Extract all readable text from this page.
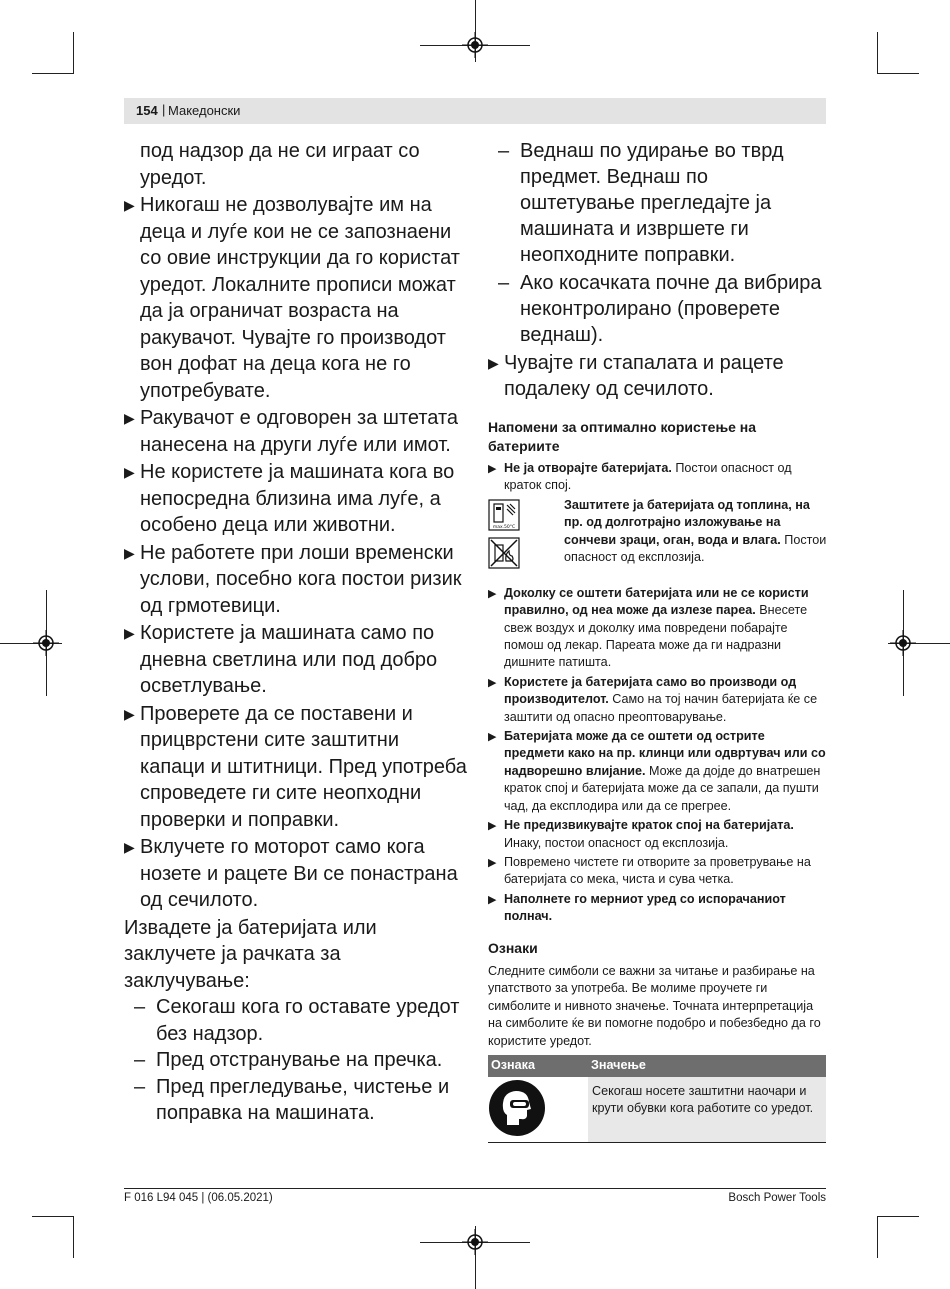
154 | Македонски
под надзор да не си играат со уредот.
▶ Никогаш не дозволувајте им на деца и луѓе кои не се запознаени со овие инструкции да го користат уредот. Локалните прописи можат да ја ограничат возраста на ракувачот. Чувајте го производот вон дофат на деца кога не го употребувате.
▶ Ракувачот е одговорен за штетата нанесена на други луѓе или имот.
▶ Не користете ја машината кога во непосредна близина има луѓе, а особено деца или животни.
▶ Не работете при лоши временски услови, посебно кога постои ризик од грмотевици.
▶ Користете ја машината само по дневна светлина или под добро осветлување.
▶ Проверете да се поставени и прицврстени сите заштитни капаци и штитници. Пред употреба спроведете ги сите неопходни проверки и поправки.
▶ Вклучете го моторот само кога нозете и рацете Ви се понастрана од сечилото.
Извадете ја батеријата или заклучете ја рачката за заклучување:
– Секогаш кога го оставате уредот без надзор.
– Пред отстранување на пречка.
– Пред прегледување, чистење и поправка на машината.
– Веднаш по удирање во тврд предмет. Веднаш по оштетување прегледајте ја машината и извршете ги неопходните поправки.
– Ако косачката почне да вибрира неконтролирано (проверете веднаш).
▶ Чувајте ги стапалата и рацете подалеку од сечилото.
Напомени за оптимално користење на батериите
▶ Не ја отворајте батеријата. Постои опасност од краток спој.
max.50°C
Заштитете ја батеријата од топлина, на пр. од долготрајно изложување на сончеви зраци, оган, вода и влага. Постои опасност од експлозија.
▶ Доколку се оштети батеријата или не се користи правилно, од неа може да излезе пареа. Внесете свеж воздух и доколку има повредени побарајте помош од лекар. Пареата може да ги надразни дишните патишта.
▶ Користете ја батеријата само во производи од производителот. Само на тој начин батеријата ќе се заштити од опасно преоптоварување.
▶ Батеријата може да се оштети од острите предмети како на пр. клинци или одвртувач или со надворешно влијание. Може да дојде до внатрешен краток спој и батеријата може да се запали, да пушти чад, да експлодира или да се прегрее.
▶ Не предизвикувајте краток спој на батеријата. Инаку, постои опасност од експлозија.
▶ Повремено чистете ги отворите за проветрување на батеријата со мека, чиста и сува четка.
▶ Наполнете го мерниот уред со испорачаниот полнач.
Ознаки
Следните симболи се важни за читање и разбирање на упатството за употреба. Ве молиме проучете ги симболите и нивното значење. Точната интерпретација на симболите ќе ви помогне подобро и побезбедно да го користите уредот.
Ознака	Значење
	Секогаш носете заштитни наочари и крути обувки кога работите со уредот.
F 016 L94 045 | (06.05.2021)	Bosch Power Tools
